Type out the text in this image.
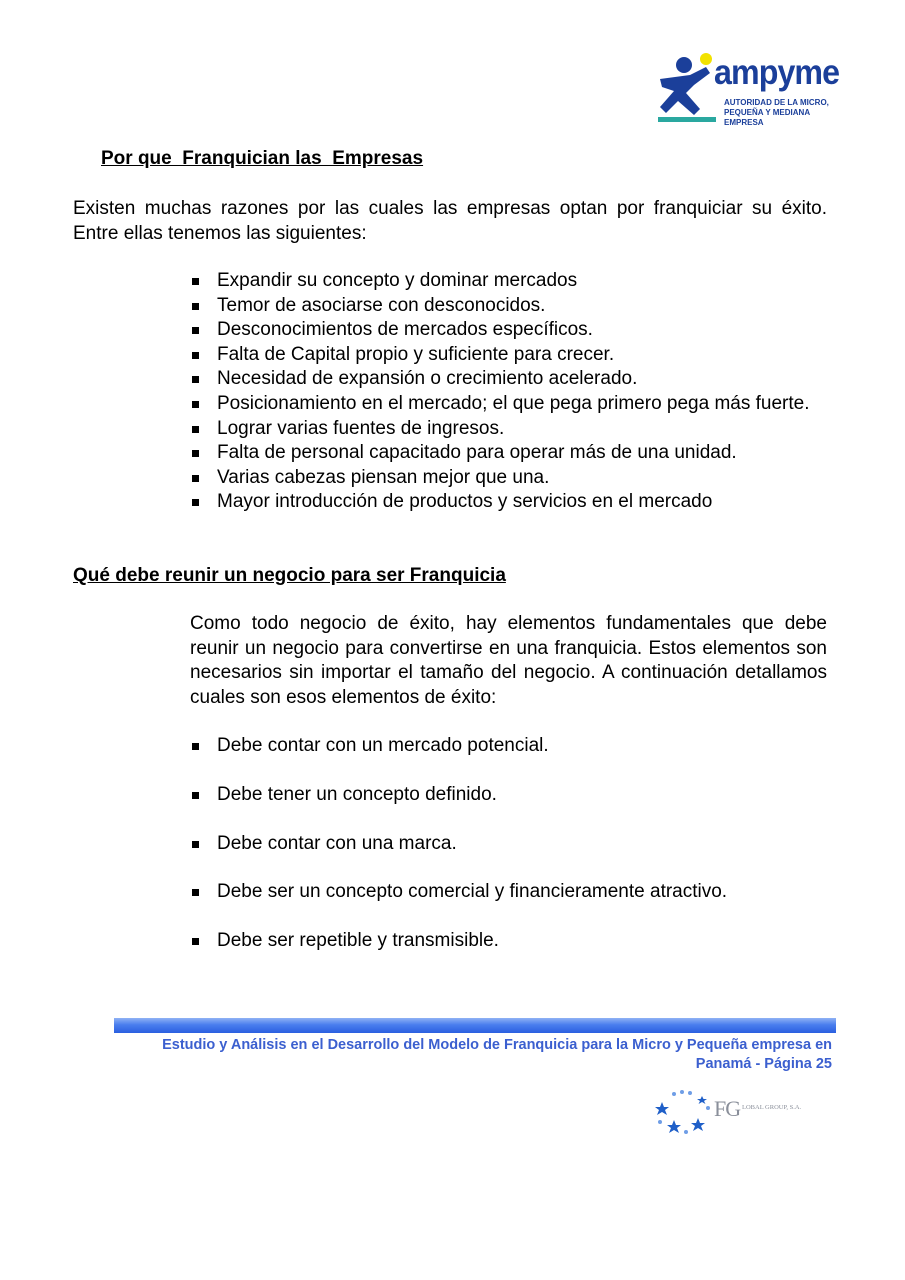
ampyme
AUTORIDAD DE LA MICRO,
PEQUEÑA Y MEDIANA EMPRESA
Por que  Franquician las  Empresas
Existen muchas razones por las cuales las empresas optan por franquiciar su éxito. Entre ellas tenemos las siguientes:
Expandir su concepto y dominar mercados
Temor de asociarse con desconocidos.
Desconocimientos de mercados específicos.
Falta de Capital propio y suficiente para crecer.
Necesidad de expansión o crecimiento acelerado.
Posicionamiento en el mercado; el que pega primero pega más fuerte.
Lograr varias fuentes de ingresos.
Falta de personal capacitado para operar más de una unidad.
Varias cabezas piensan mejor que una.
Mayor introducción de productos y servicios en el mercado
Qué debe reunir un negocio para ser Franquicia
Como todo negocio de éxito, hay elementos fundamentales que debe reunir un negocio para convertirse en una franquicia. Estos elementos son necesarios sin importar el tamaño del negocio. A continuación detallamos cuales son esos elementos de éxito:
Debe contar con un mercado potencial.
Debe tener un concepto definido.
Debe contar con una marca.
Debe ser un concepto comercial y financieramente atractivo.
Debe ser repetible y transmisible.
Estudio y Análisis en el Desarrollo del Modelo de Franquicia para la Micro y Pequeña empresa en
Panamá - Página 25
FG LOBAL GROUP, S.A.
